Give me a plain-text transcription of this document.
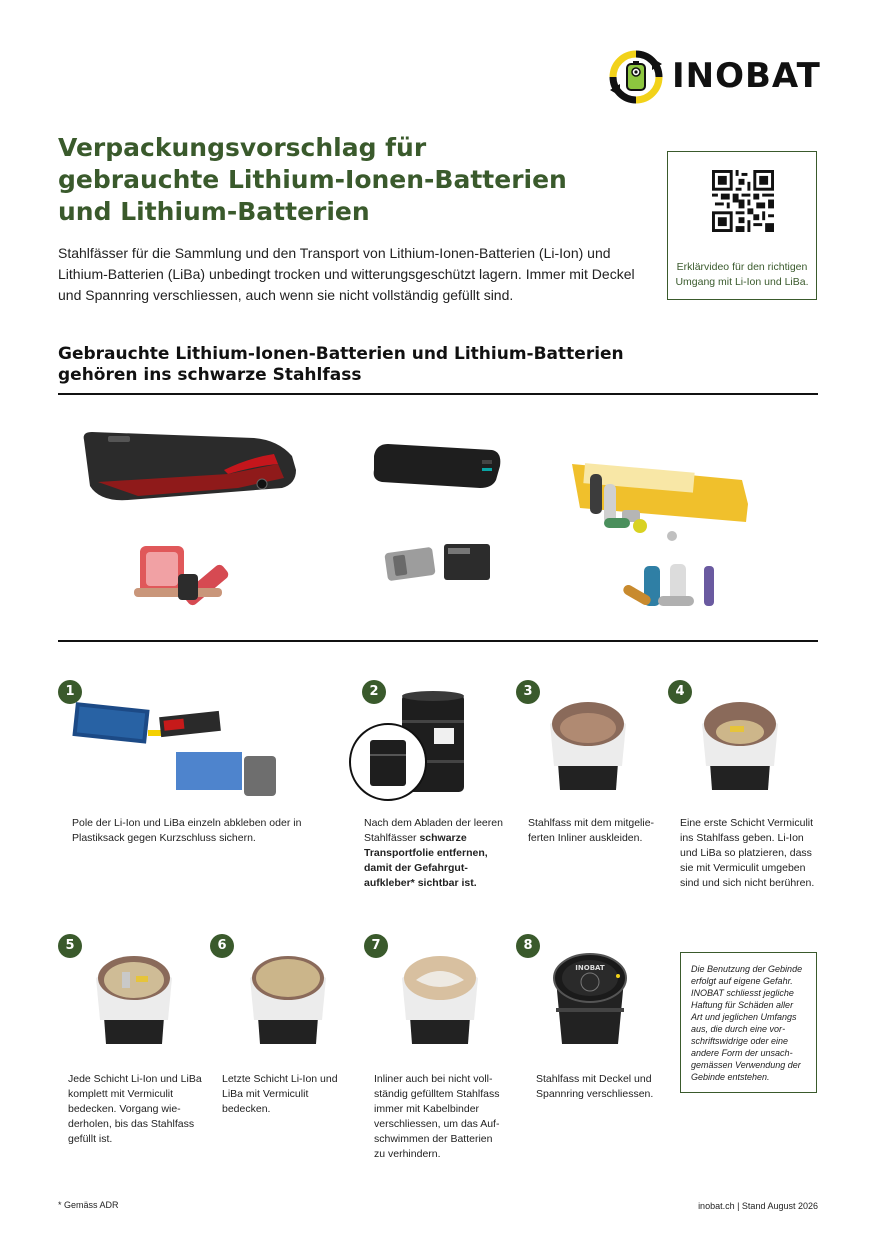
INOBAT
Verpackungsvorschlag für gebrauchte Lithium-Ionen-Batterien und Lithium-Batterien

Stahlfässer für die Sammlung und den Transport von Lithium-Ionen-Batterien (Li-Ion) und Lithium-Batterien (LiBa) unbedingt trocken und witterungsgeschützt lagern. Immer mit Deckel und Spannring verschliessen, auch wenn sie nicht vollständig gefüllt sind.

Erklärvideo für den richtigen Umgang mit Li-Ion und LiBa.
Gebrauchte Lithium-Ionen-Batterien und Lithium-Batterien gehören ins schwarze Stahlfass
1
Pole der Li-Ion und LiBa einzeln abkleben oder in Plastiksack gegen Kurzschluss sichern.
2
Nach dem Abladen der leeren Stahlfässer schwarze Transportfolie entfernen, damit der Gefahrgutaufkleber* sichtbar ist.
3
Stahlfass mit dem mitgelieferten Inliner auskleiden.
4
Eine erste Schicht Vermiculit ins Stahlfass geben. Li-Ion und LiBa so platzieren, dass sie mit Vermiculit umgeben sind und sich nicht berühren.
5
Jede Schicht Li-Ion und LiBa komplett mit Vermiculit bedecken. Vorgang wiederholen, bis das Stahlfass gefüllt ist.
6
Letzte Schicht Li-Ion und LiBa mit Vermiculit bedecken.
7
Inliner auch bei nicht vollständig gefülltem Stahlfass immer mit Kabelbinder verschliessen, um das Aufschwimmen der Batterien zu verhindern.
8
INOBAT
Stahlfass mit Deckel und Spannring verschliessen.
Die Benutzung der Gebinde erfolgt auf eigene Gefahr. INOBAT schliesst jegliche Haftung für Schäden aller Art und jeglichen Umfangs aus, die durch eine vorschriftswidrige oder eine andere Form der unsachgemässen Verwendung der Gebinde entstehen.
* Gemäss ADR	inobat.ch | Stand August 2026
